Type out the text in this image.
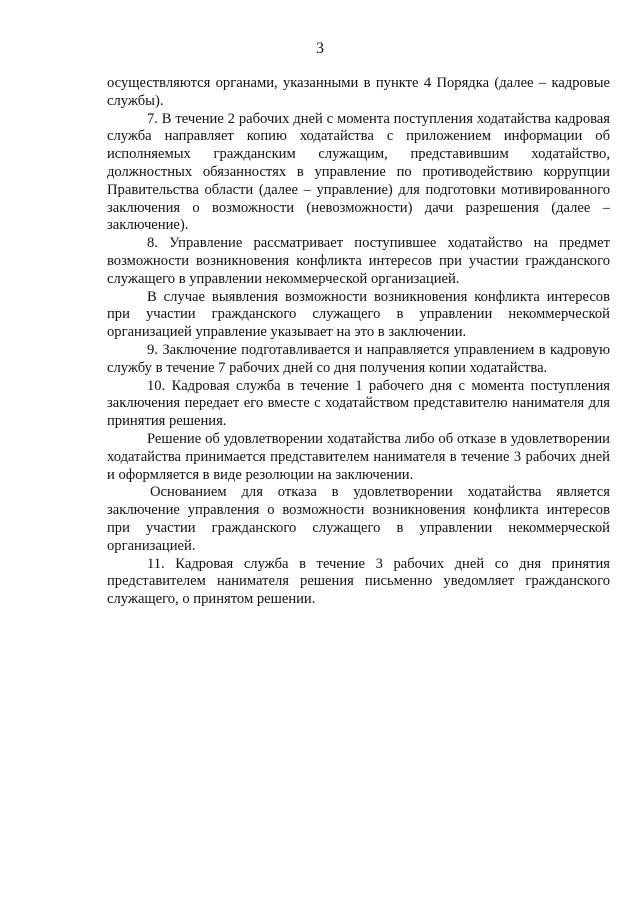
3

осуществляются органами, указанными в пункте 4 Порядка (далее – кадровые службы).

7. В течение 2 рабочих дней с момента поступления ходатайства кадровая служба направляет копию ходатайства с приложением информации об исполняемых гражданским служащим, представившим ходатайство, должностных обязанностях в управление по противодействию коррупции Правительства области (далее – управление) для подготовки мотивированного заключения о возможности (невозможности) дачи разрешения (далее – заключение).

8. Управление рассматривает поступившее ходатайство на предмет возможности возникновения конфликта интересов при участии гражданского служащего в управлении некоммерческой организацией.

В случае выявления возможности возникновения конфликта интересов при участии гражданского служащего в управлении некоммерческой организацией управление указывает на это в заключении.

9. Заключение подготавливается и направляется управлением в кадровую службу в течение 7 рабочих дней со дня получения копии ходатайства.

10. Кадровая служба в течение 1 рабочего дня с момента поступления заключения передает его вместе с ходатайством представителю нанимателя для принятия решения.

Решение об удовлетворении ходатайства либо об отказе в удовлетворении ходатайства принимается представителем нанимателя в течение 3 рабочих дней и оформляется в виде резолюции на заключении.

Основанием для отказа в удовлетворении ходатайства является заключение управления о возможности возникновения конфликта интересов при участии гражданского служащего в управлении некоммерческой организацией.

11. Кадровая служба в течение 3 рабочих дней со дня принятия представителем нанимателя решения письменно уведомляет гражданского служащего, о принятом решении.
